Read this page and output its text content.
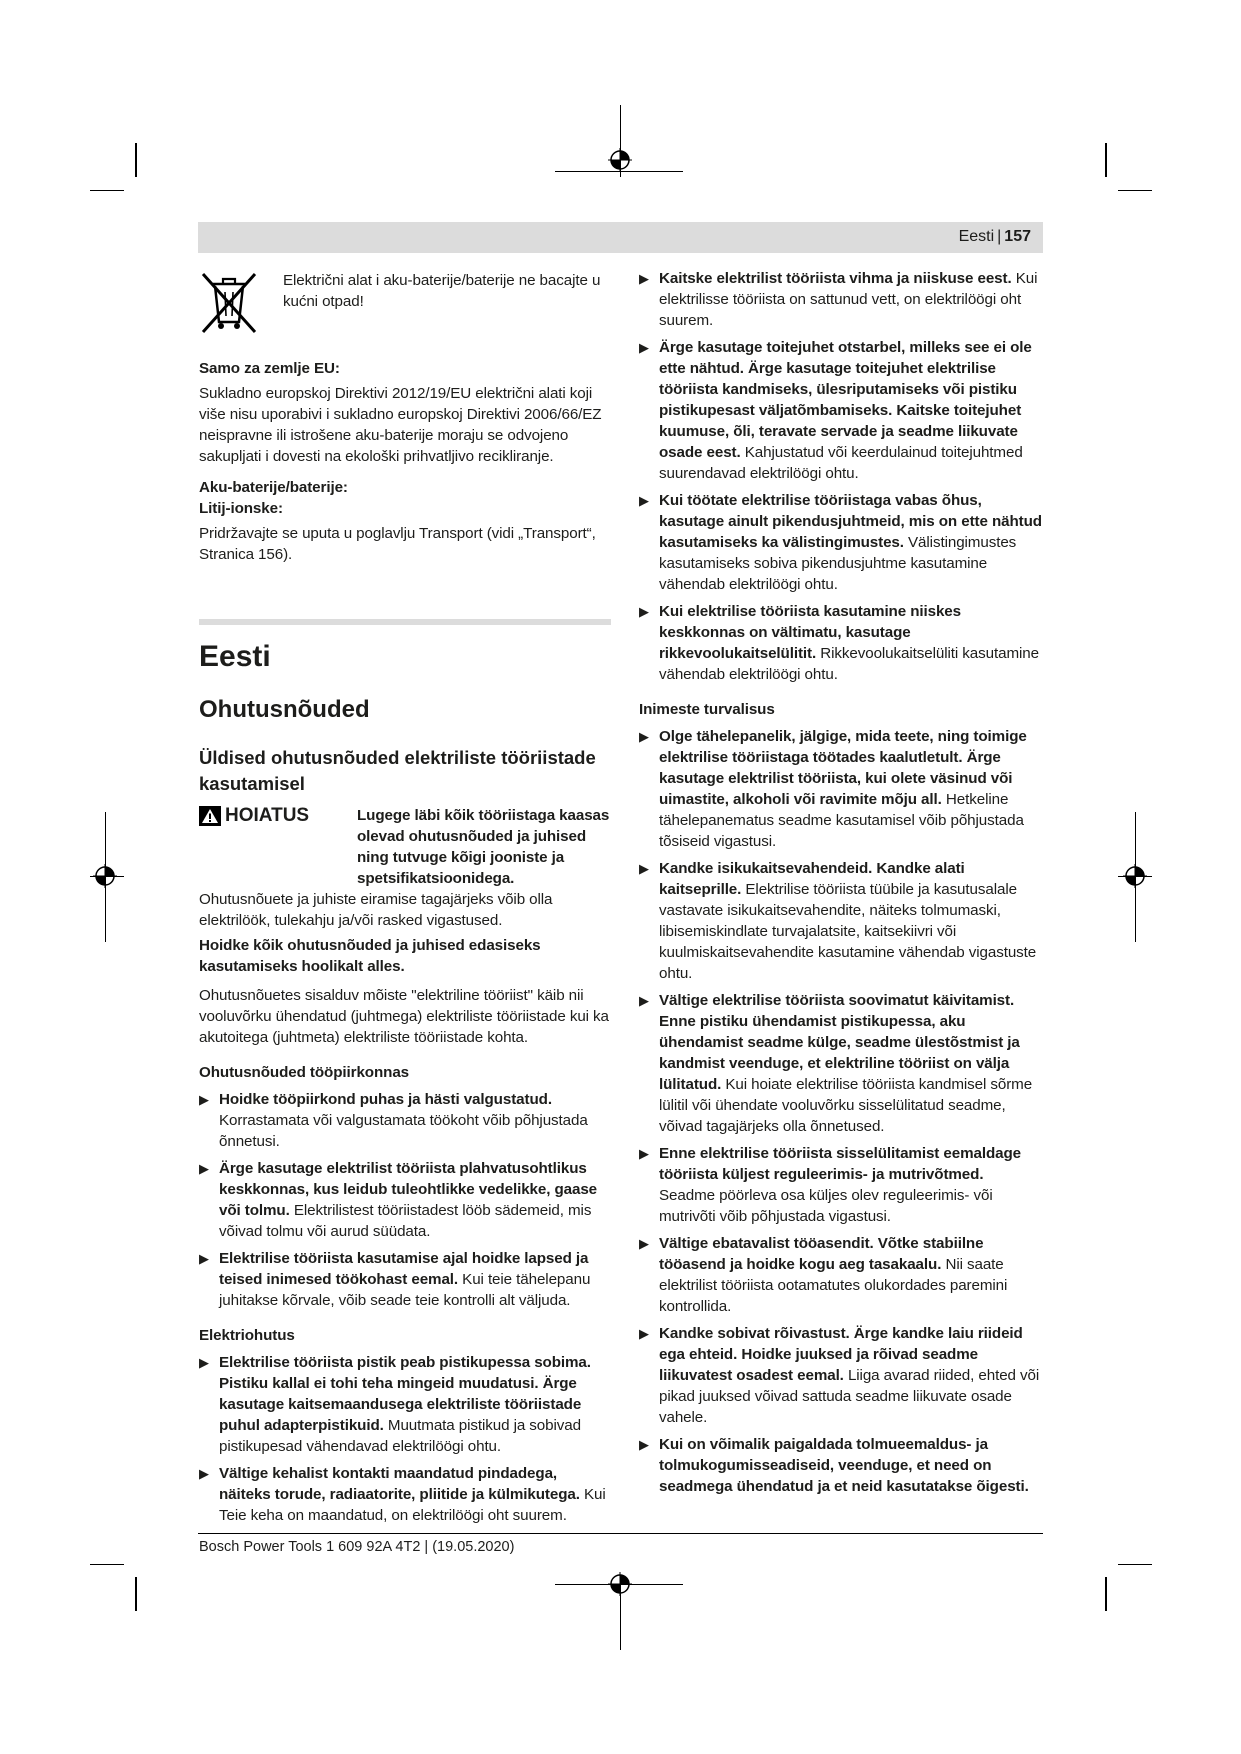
Eesti | 157

Električni alat i aku-baterije/baterije ne bacajte u kućni otpad!

Samo za zemlje EU:

Sukladno europskoj Direktivi 2012/19/EU električni alati koji više nisu uporabivi i sukladno europskoj Direktivi 2006/66/EZ neispravne ili istrošene aku-baterije moraju se odvojeno sakupljati i dovesti na ekološki prihvatljivo recikliranje.

Aku-baterije/baterije:

Litij-ionske:

Pridržavajte se uputa u poglavlju Transport (vidi „Transport“, Stranica 156).

Eesti
Ohutusnõuded
Üldised ohutusnõuded elektriliste tööriistade kasutamisel
HOIATUS	Lugege läbi kõik tööriistaga kaasas olevad ohutusnõuded ja juhised ning tutvuge kõigi jooniste ja spetsifikatsioonidega.

Ohutusnõuete ja juhiste eiramise tagajärjeks võib olla elektrilöök, tulekahju ja/või rasked vigastused.

Hoidke kõik ohutusnõuded ja juhised edasiseks kasutamiseks hoolikalt alles.

Ohutusnõuetes sisalduv mõiste "elektriline tööriist" käib nii vooluvõrku ühendatud (juhtmega) elektriliste tööriistade kui ka akutoitega (juhtmeta) elektriliste tööriistade kohta.

Ohutusnõuded tööpiirkonnas

▶ Hoidke tööpiirkond puhas ja hästi valgustatud. Korrastamata või valgustamata töökoht võib põhjustada õnnetusi.

▶ Ärge kasutage elektrilist tööriista plahvatusohtlikus keskkonnas, kus leidub tuleohtlikke vedelikke, gaase või tolmu. Elektrilistest tööriistadest lööb sädemeid, mis võivad tolmu või aurud süüdata.

▶ Elektrilise tööriista kasutamise ajal hoidke lapsed ja teised inimesed töökohast eemal. Kui teie tähelepanu juhitakse kõrvale, võib seade teie kontrolli alt väljuda.

Elektriohutus

▶ Elektrilise tööriista pistik peab pistikupessa sobima. Pistiku kallal ei tohi teha mingeid muudatusi. Ärge kasutage kaitsemaandusega elektriliste tööriistade puhul adapterpistikuid. Muutmata pistikud ja sobivad pistikupesad vähendavad elektrilöögi ohtu.

▶ Vältige kehalist kontakti maandatud pindadega, näiteks torude, radiaatorite, pliitide ja külmikutega. Kui Teie keha on maandatud, on elektrilöögi oht suurem.

▶ Kaitske elektrilist tööriista vihma ja niiskuse eest. Kui elektrilisse tööriista on sattunud vett, on elektrilöögi oht suurem.

▶ Ärge kasutage toitejuhet otstarbel, milleks see ei ole ette nähtud. Ärge kasutage toitejuhet elektrilise tööriista kandmiseks, ülesriputamiseks või pistiku pistikupesast väljatõmbamiseks. Kaitske toitejuhet kuumuse, õli, teravate servade ja seadme liikuvate osade eest. Kahjustatud või keerdulainud toitejuhtmed suurendavad elektrilöögi ohtu.

▶ Kui töötate elektrilise tööriistaga vabas õhus, kasutage ainult pikendusjuhtmeid, mis on ette nähtud kasutamiseks ka välistingimustes. Välistingimustes kasutamiseks sobiva pikendusjuhtme kasutamine vähendab elektrilöögi ohtu.

▶ Kui elektrilise tööriista kasutamine niiskes keskkonnas on vältimatu, kasutage rikkevoolukaitselülitit. Rikkevoolukaitselüliti kasutamine vähendab elektrilöögi ohtu.

Inimeste turvalisus

▶ Olge tähelepanelik, jälgige, mida teete, ning toimige elektrilise tööriistaga töötades kaalutletult. Ärge kasutage elektrilist tööriista, kui olete väsinud või uimastite, alkoholi või ravimite mõju all. Hetkeline tähelepanematus seadme kasutamisel võib põhjustada tõsiseid vigastusi.

▶ Kandke isikukaitsevahendeid. Kandke alati kaitseprille. Elektrilise tööriista tüübile ja kasutusalale vastavate isikukaitsevahendite, näiteks tolmumaski, libisemiskindlate turvajalatsite, kaitsekiivri või kuulmiskaitsevahendite kasutamine vähendab vigastuste ohtu.

▶ Vältige elektrilise tööriista soovimatut käivitamist. Enne pistiku ühendamist pistikupessa, aku ühendamist seadme külge, seadme ülestõstmist ja kandmist veenduge, et elektriline tööriist on välja lülitatud. Kui hoiate elektrilise tööriista kandmisel sõrme lülitil või ühendate vooluvõrku sisselülitatud seadme, võivad tagajärjeks olla õnnetused.

▶ Enne elektrilise tööriista sisselülitamist eemaldage tööriista küljest reguleerimis- ja mutrivõtmed. Seadme pöörleva osa küljes olev reguleerimis- või mutrivõti võib põhjustada vigastusi.

▶ Vältige ebatavalist tööasendit. Võtke stabiilne tööasend ja hoidke kogu aeg tasakaalu. Nii saate elektrilist tööriista ootamatutes olukordades paremini kontrollida.

▶ Kandke sobivat rõivastust. Ärge kandke laiu riideid ega ehteid. Hoidke juuksed ja rõivad seadme liikuvatest osadest eemal. Liiga avarad riided, ehted või pikad juuksed võivad sattuda seadme liikuvate osade vahele.

▶ Kui on võimalik paigaldada tolmueemaldus- ja tolmukogumisseadiseid, veenduge, et need on seadmega ühendatud ja et neid kasutatakse õigesti.

Bosch Power Tools 1 609 92A 4T2 | (19.05.2020)
